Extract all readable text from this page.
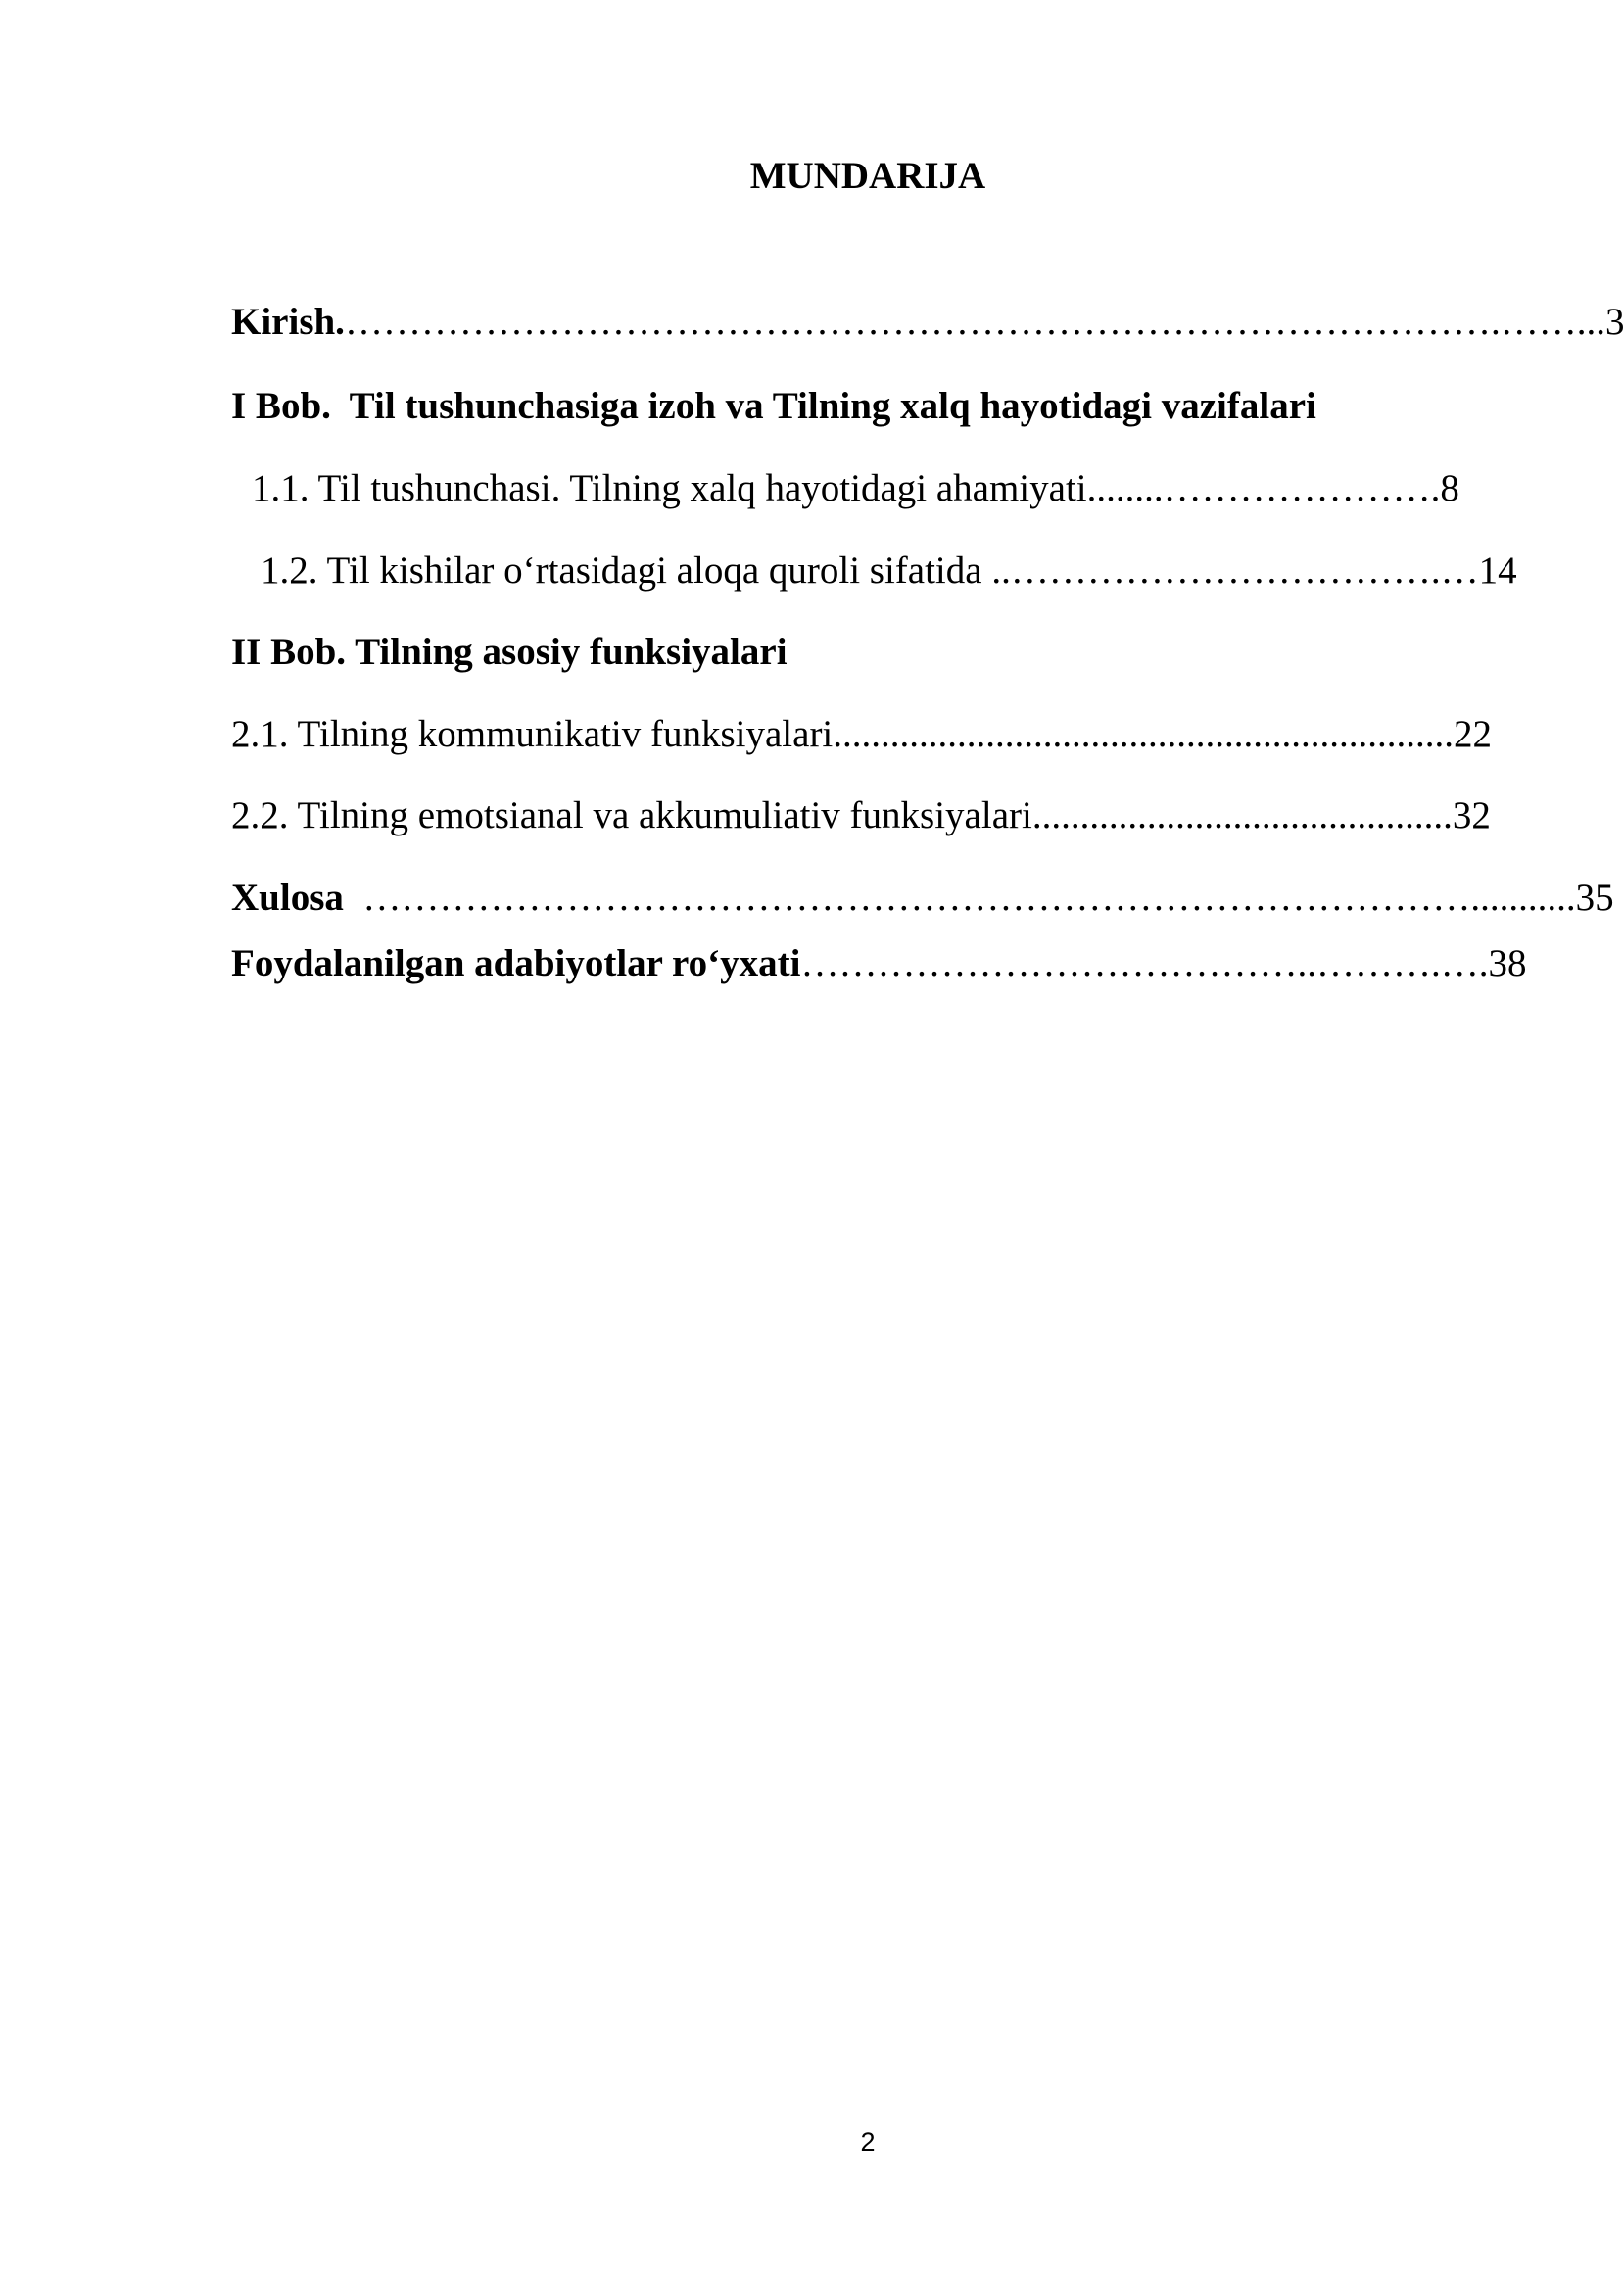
MUNDARIJA
Kirish. ……………………………………………………………………………….……... 3
I Bob.  Til tushunchasiga izoh va Tilning xalq hayotidagi vazifalari
1.1. Til tushunchasi. Tilning xalq hayotidagi ahamiyati ........…………………. 8
1.2. Til kishilar o‘rtasidagi aloqa quroli sifatida ..…………………………….… 14
II Bob. Tilning asosiy funksiyalari
2.1. Tilning kommunikativ funksiyalari ................................................................. 22
2.2. Tilning emotsianal va akkumuliativ funksiyalari ............................................ 32
Xulosa ……………………………………………………………………………........... 35
Foydalanilgan adabiyotlar ro‘yxati …………………………………..……….…. 38
2
